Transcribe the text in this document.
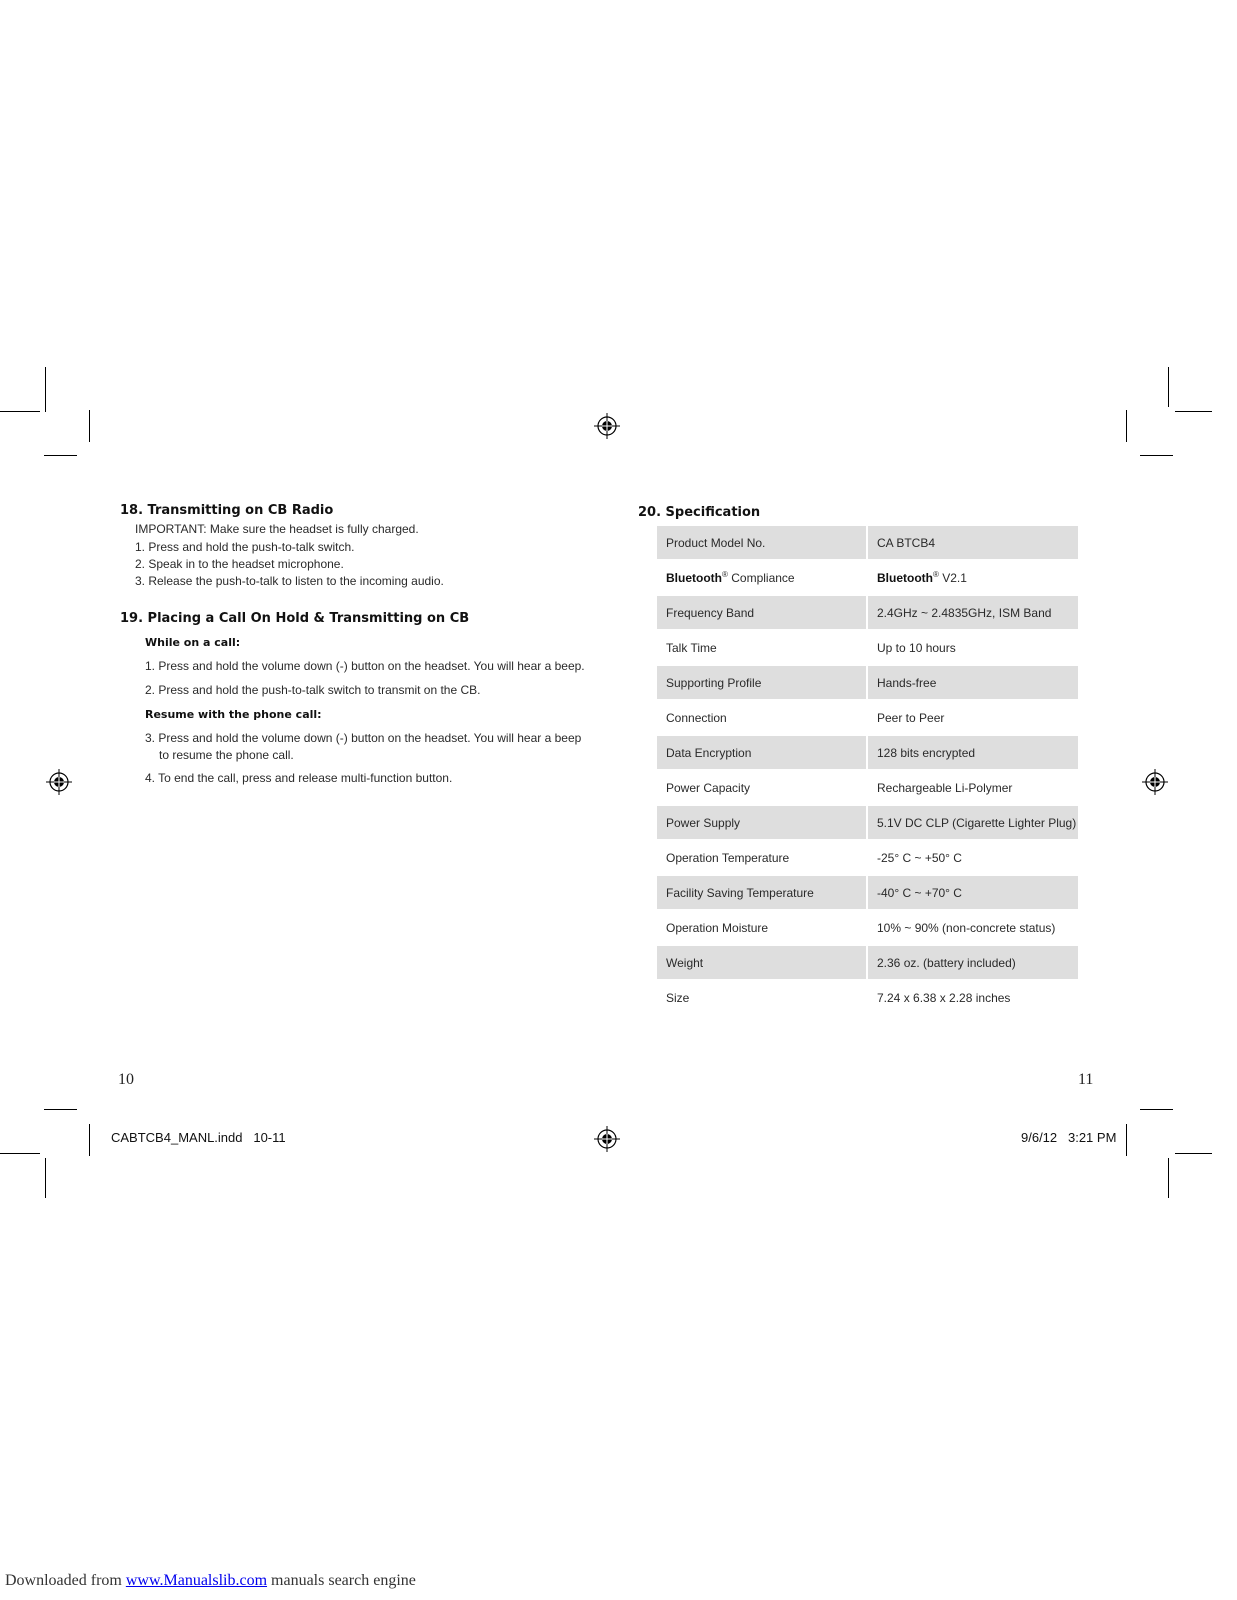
18. Transmitting on CB Radio
IMPORTANT: Make sure the headset is fully charged.
1. Press and hold the push-to-talk switch.
2. Speak in to the headset microphone.
3. Release the push-to-talk to listen to the incoming audio.
19. Placing a Call On Hold & Transmitting on CB
While on a call:
1. Press and hold the volume down (-) button on the headset. You will hear a beep.
2. Press and hold the push-to-talk switch to transmit on the CB.
Resume with the phone call:
3. Press and hold the volume down (-) button on the headset. You will hear a beep
to resume the phone call.
4. To end the call, press and release multi-function button.
10
20. Specification
Product Model No.	CA BTCB4
Bluetooth® Compliance	Bluetooth® V2.1
Frequency Band	2.4GHz ~ 2.4835GHz, ISM Band
Talk Time	Up to 10 hours
Supporting Profile	Hands-free
Connection	Peer to Peer
Data Encryption	128 bits encrypted
Power Capacity	Rechargeable Li-Polymer
Power Supply	5.1V DC CLP (Cigarette Lighter Plug)
Operation Temperature	-25° C ~ +50° C
Facility Saving Temperature	-40° C ~ +70° C
Operation Moisture	10% ~ 90% (non-concrete status)
Weight	2.36 oz. (battery included)
Size	7.24 x 6.38 x 2.28 inches
11
CABTCB4_MANL.indd   10-11	9/6/12   3:21 PM
Downloaded from www.Manualslib.com manuals search engine
